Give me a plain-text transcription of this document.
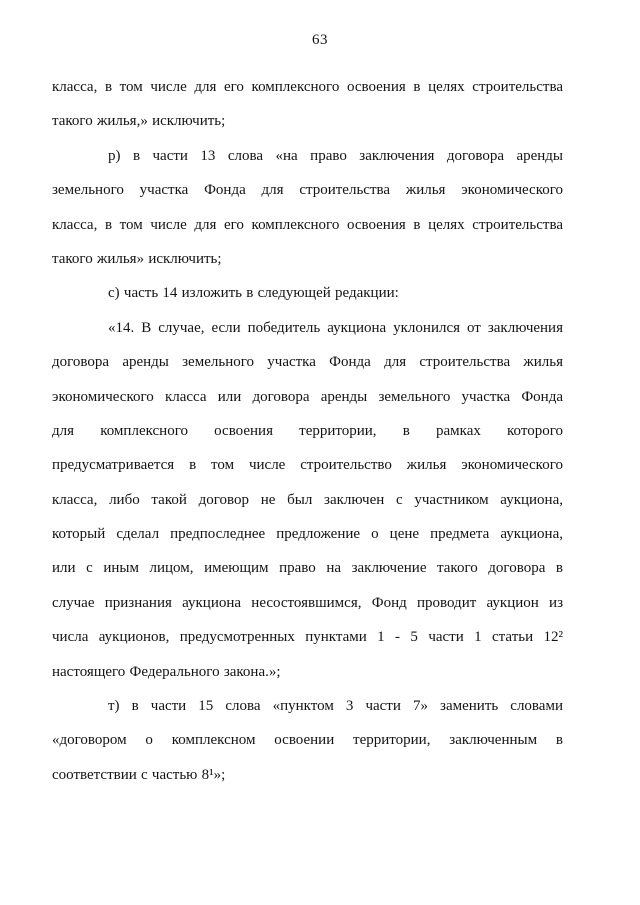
63
класса, в том числе для его комплексного освоения в целях строительства
такого жилья,» исключить;
р) в части 13 слова «на право заключения договора аренды
земельного участка Фонда для строительства жилья экономического
класса, в том числе для его комплексного освоения в целях строительства
такого жилья» исключить;
с) часть 14 изложить в следующей редакции:
«14. В случае, если победитель аукциона уклонился от заключения
договора аренды земельного участка Фонда для строительства жилья
экономического класса или договора аренды земельного участка Фонда
для комплексного освоения территории, в рамках которого
предусматривается в том числе строительство жилья экономического
класса, либо такой договор не был заключен с участником аукциона,
который сделал предпоследнее предложение о цене предмета аукциона,
или с иным лицом, имеющим право на заключение такого договора в
случае признания аукциона несостоявшимся, Фонд проводит аукцион из
числа аукционов, предусмотренных пунктами 1 - 5 части 1 статьи 12²
настоящего Федерального закона.»;
т) в части 15 слова «пунктом 3 части 7» заменить словами
«договором о комплексном освоении территории, заключенным в
соответствии с частью 8¹»;
